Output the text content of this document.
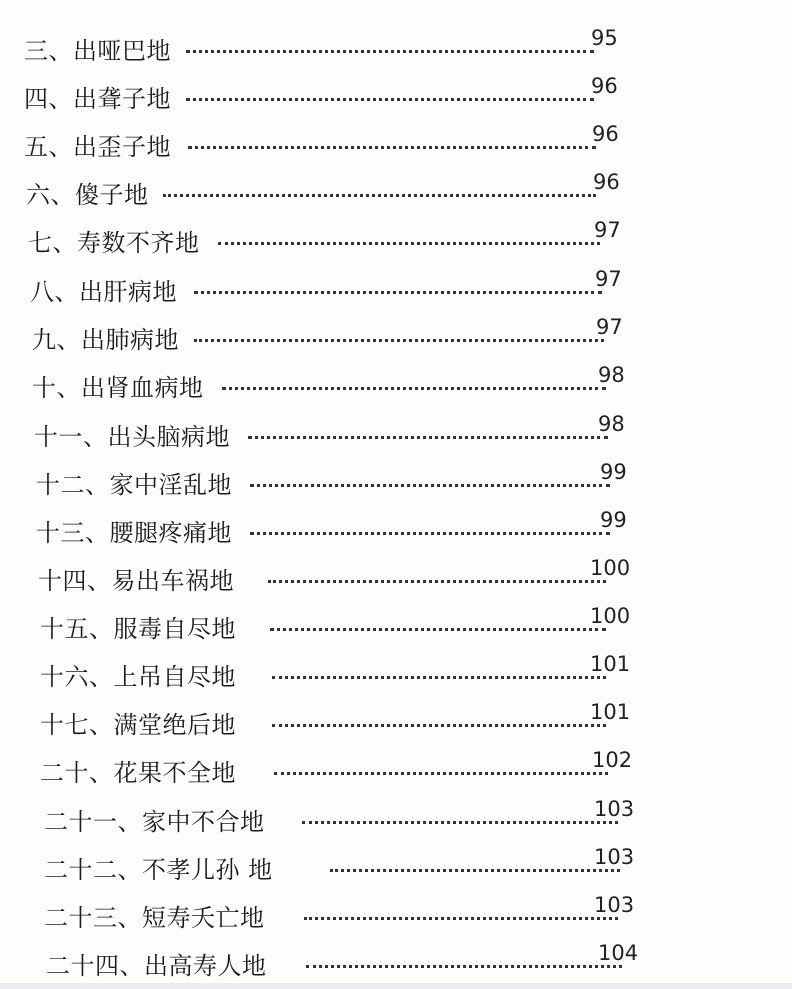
三、出哑巴地	95
四、出聋子地	96
五、出歪子地	96
六、傻子地	96
七、寿数不齐地	97
八、出肝病地	97
九、出肺病地	97
十、出肾血病地	98
十一、出头脑病地	98
十二、家中淫乱地	99
十三、腰腿疼痛地	99
十四、易出车祸地	100
十五、服毒自尽地	100
十六、上吊自尽地	101
十七、满堂绝后地	101
二十、花果不全地	102
二十一、家中不合地	103
二十二、不孝儿孙 地	103
二十三、短寿夭亡地	103
二十四、出高寿人地	104
